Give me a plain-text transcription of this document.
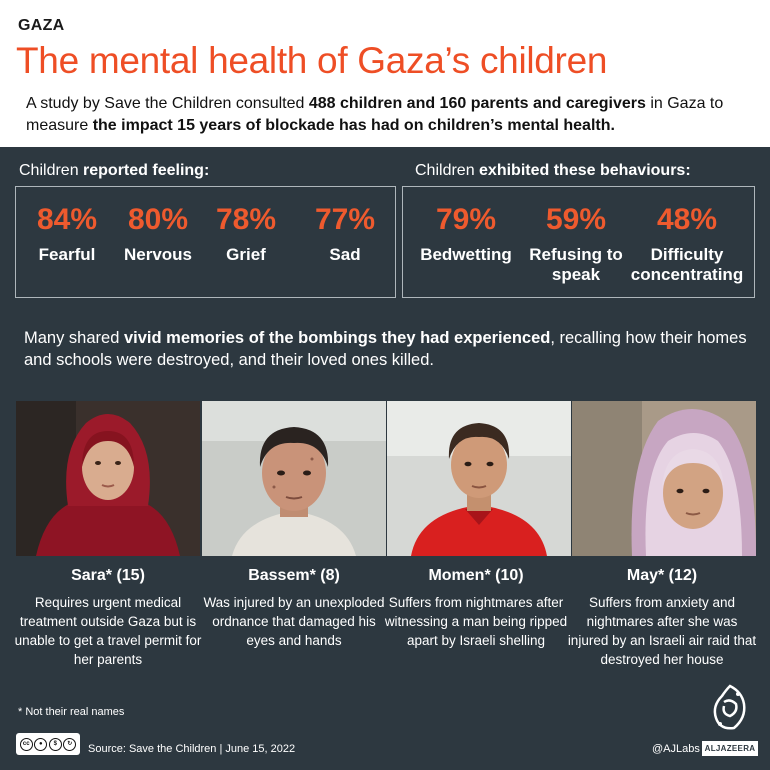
GAZA
The mental health of Gaza’s children
A study by Save the Children consulted 488 children and 160 parents and caregivers in Gaza to measure the impact 15 years of blockade has had on children’s mental health.
Children reported feeling:
84%
Fearful
80%
Nervous
78%
Grief
77%
Sad
Children exhibited these behaviours:
79%
Bedwetting
59%
Refusing to speak
48%
Difficulty concentrating
Many shared vivid memories of the bombings they had experienced, recalling how their homes and schools were destroyed, and their loved ones killed.
Sara* (15)
Requires urgent medical treatment outside Gaza but is unable to get a travel permit for her parents
Bassem* (8)
Was injured by an unexploded ordnance that damaged his eyes and hands
Momen* (10)
Suffers from nightmares after witnessing a man being ripped apart by Israeli shelling
May* (12)
Suffers from anxiety and nightmares after she was injured by an Israeli air raid that destroyed her house
* Not their real names
cc	●	$	↻	Source: Save the Children | June 15, 2022	@AJLabs ALJAZEERA
